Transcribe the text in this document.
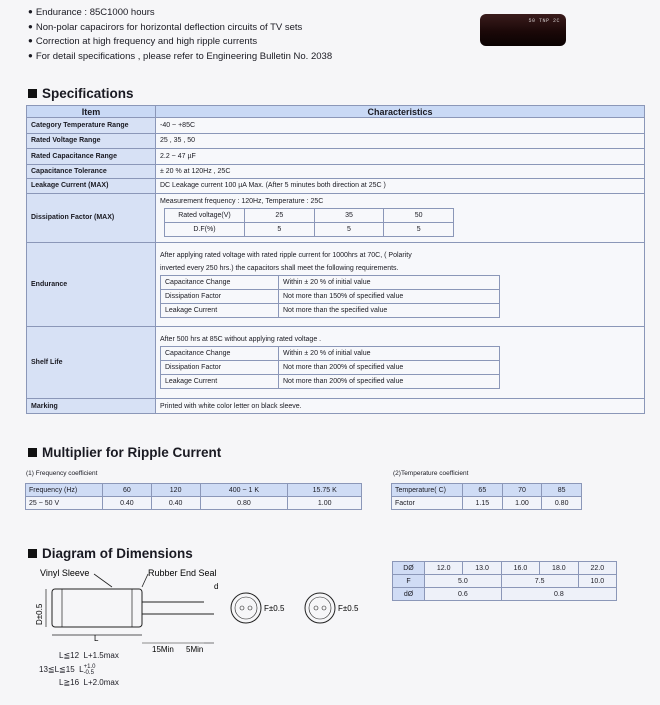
● Endurance : 85C1000 hours
● Non-polar capacirors for horizontal deflection circuits of TV sets
● Correction at high frequency and high ripple currents
● For detail specifications , please refer to Engineering Bulletin No. 2038
50 TNP 2C
Specifications
Item	Characteristics
Category Temperature Range	-40 ~ +85C
Rated Voltage Range	25 , 35 , 50
Rated Capacitance Range	2.2 ~ 47 µF
Capacitance Tolerance	± 20 % at 120Hz , 25C
Leakage Current (MAX)	DC Leakage current 100 µA Max. (After 5 minutes both direction at 25C )
Dissipation Factor (MAX)	
Measurement frequency : 120Hz, Temperature : 25C
Rated voltage(V)	25	35	50
D.F(%)	5	5	5

Endurance	
After applying rated voltage with rated ripple current for 1000hrs at 70C, ( Polarity
inverted every 250 hrs.) the capacitors shall meet the following requirements.
Capacitance Change	Within ± 20 % of initial value
Dissipation Factor	Not more than 150% of specified value
Leakage Current	Not more than the specified value

Shelf Life	
After 500 hrs at 85C without applying rated voltage .
Capacitance Change	Within ± 20 % of initial value
Dissipation Factor	Not more than 200% of specified value
Leakage Current	Not more than 200% of specified value

Marking	Printed with white color letter on black sleeve.
Multiplier for Ripple Current
(1) Frequency coefficient
Frequency (Hz)	60	120	400 ~ 1 K	15.75 K
25 ~ 50 V	0.40	0.40	0.80	1.00
(2)Temperature coefficient
Temperature( C)	65	70	85
Factor	1.15	1.00	0.80
Diagram of Dimensions
Vinyl Sleeve	Rubber End Seal
D±0.5
L
15Min 5Min
d
F±0.5	F±0.5
L≦12 L+1.5max
13≦L≦15 L +1.0
-0.5
L≧16 L+2.0max
DØ	12.0	13.0	16.0	18.0	22.0
F	5.0		7.5		10.0
dØ	0.6		0.8		
